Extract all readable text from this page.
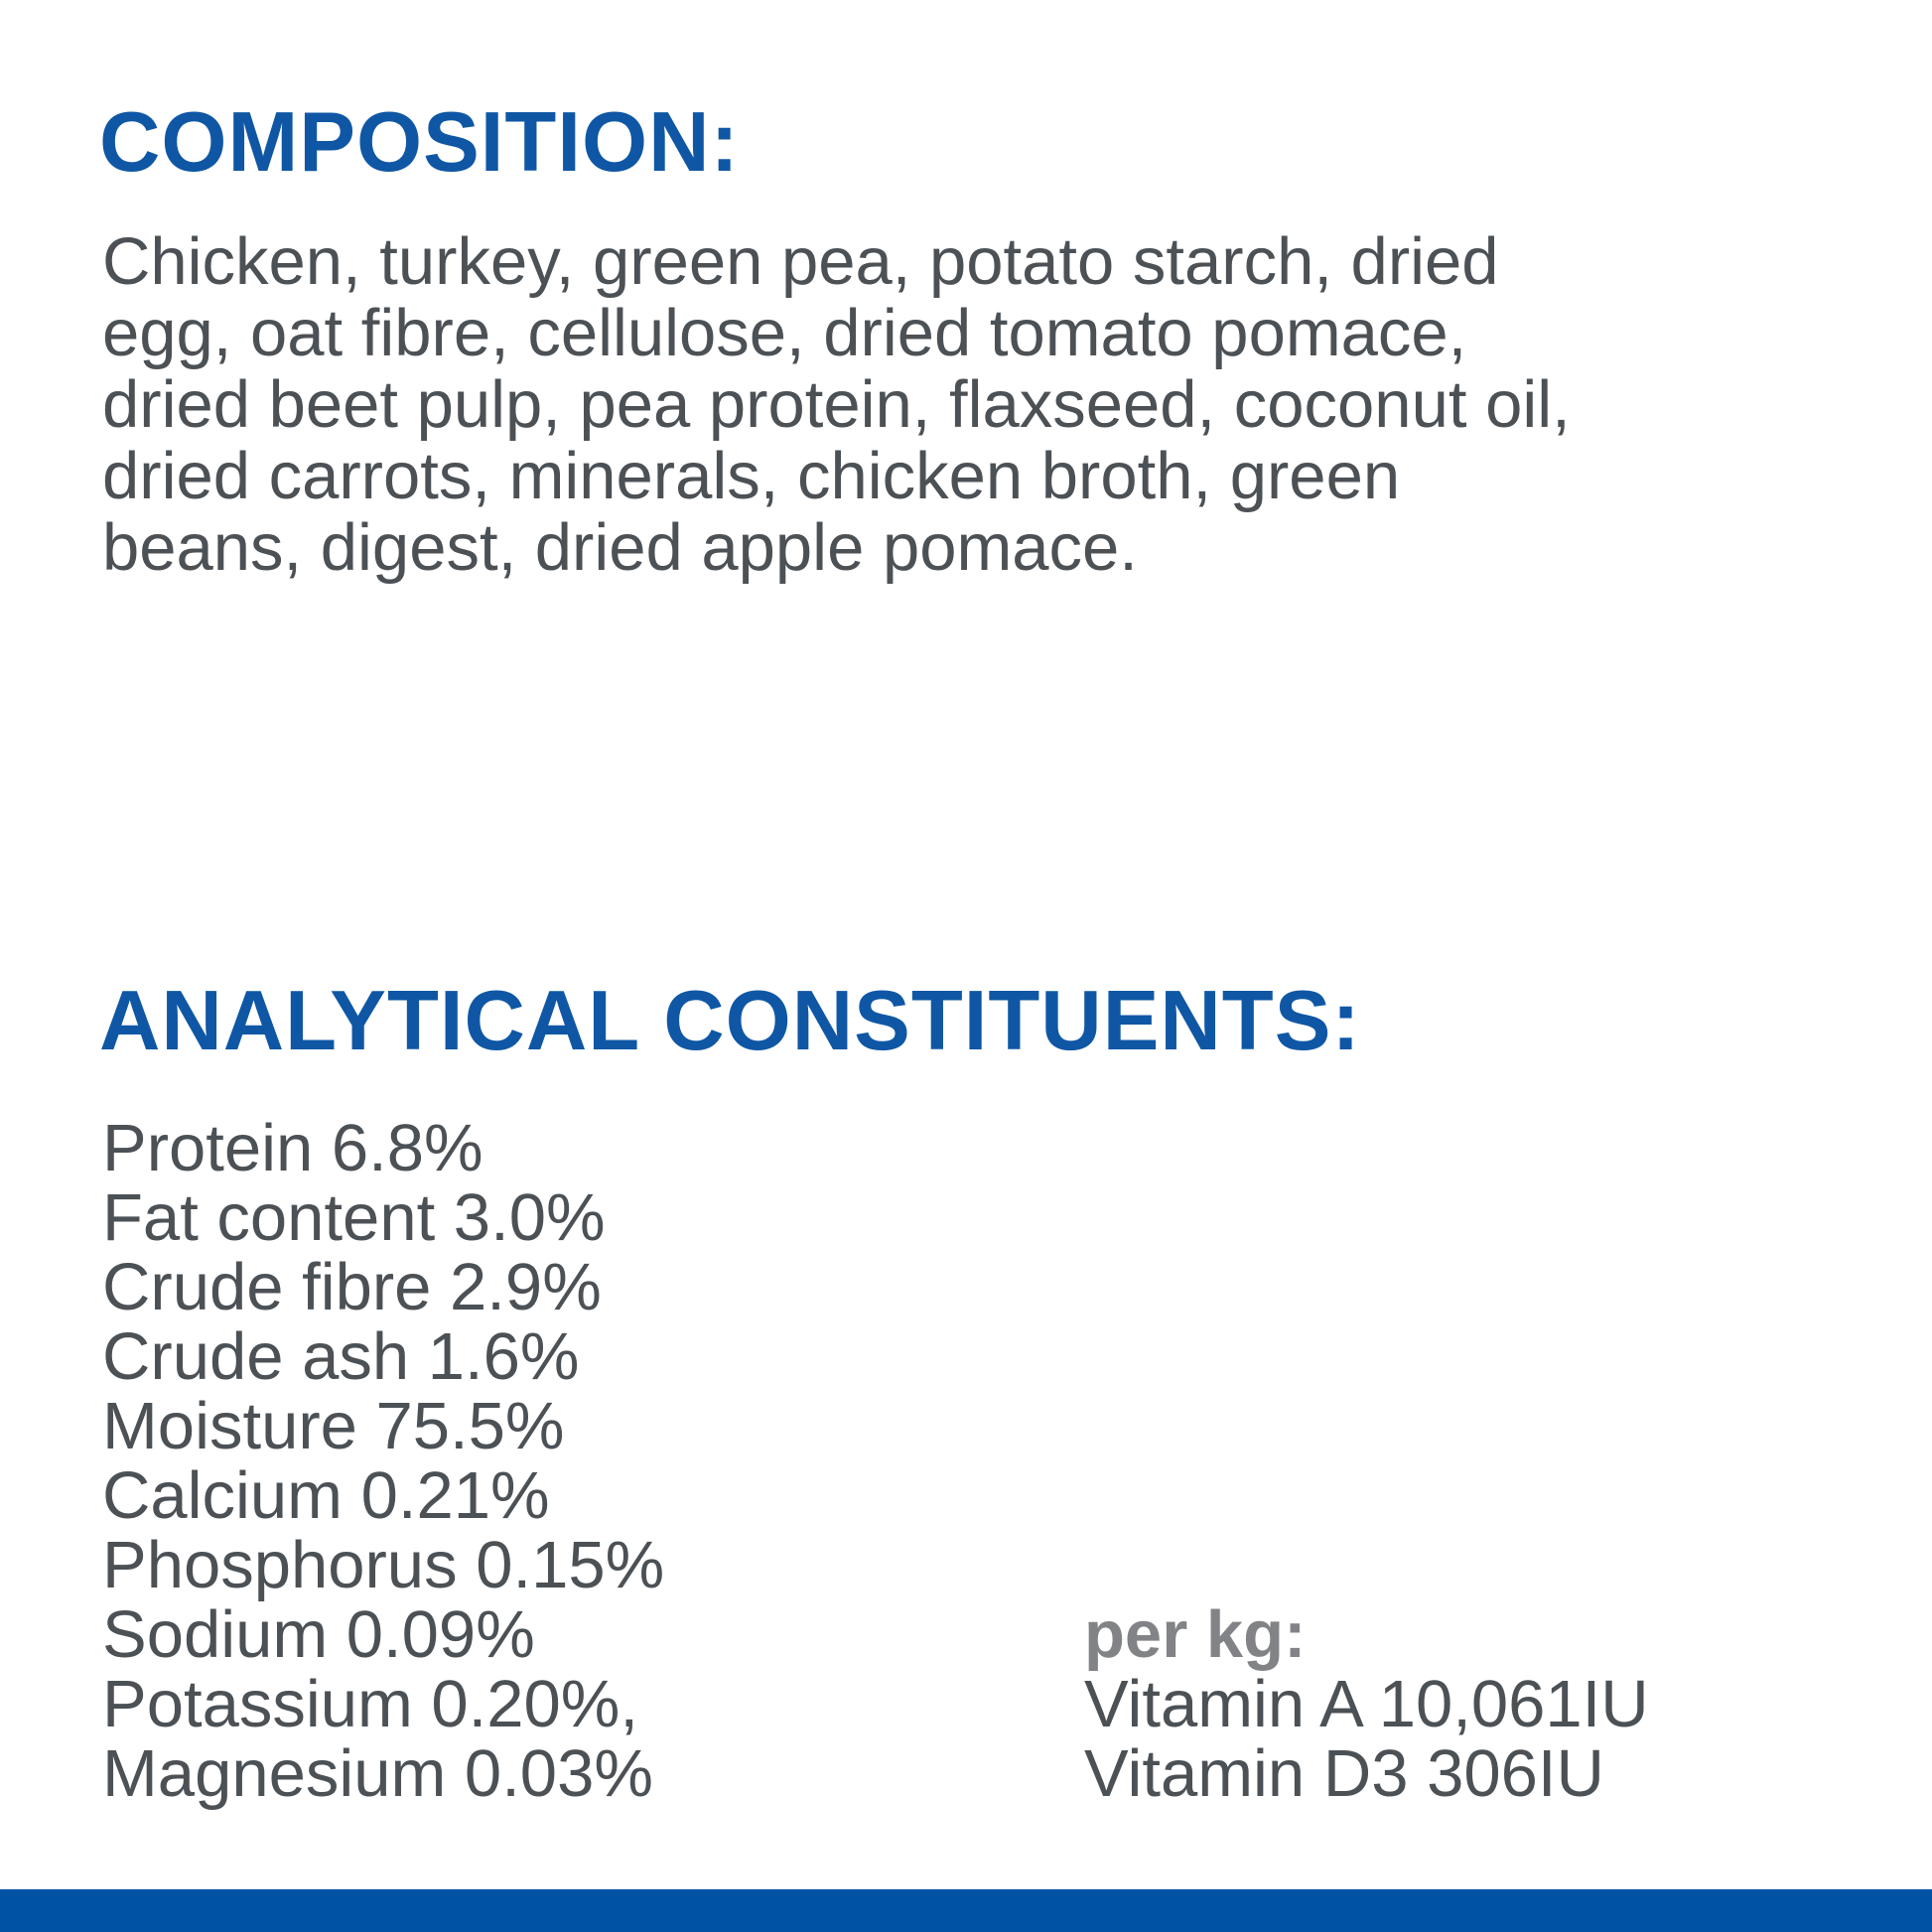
COMPOSITION:
Chicken, turkey, green pea, potato starch, dried
egg, oat fibre, cellulose, dried tomato pomace,
dried beet pulp, pea protein, flaxseed, coconut oil,
dried carrots, minerals, chicken broth, green
beans, digest, dried apple pomace.
ANALYTICAL CONSTITUENTS:
Protein 6.8%
Fat content 3.0%
Crude fibre 2.9%
Crude ash 1.6%
Moisture 75.5%
Calcium 0.21%
Phosphorus 0.15%
Sodium 0.09%
Potassium 0.20%,
Magnesium 0.03%
per kg:
Vitamin A 10,061IU
Vitamin D3 306IU
